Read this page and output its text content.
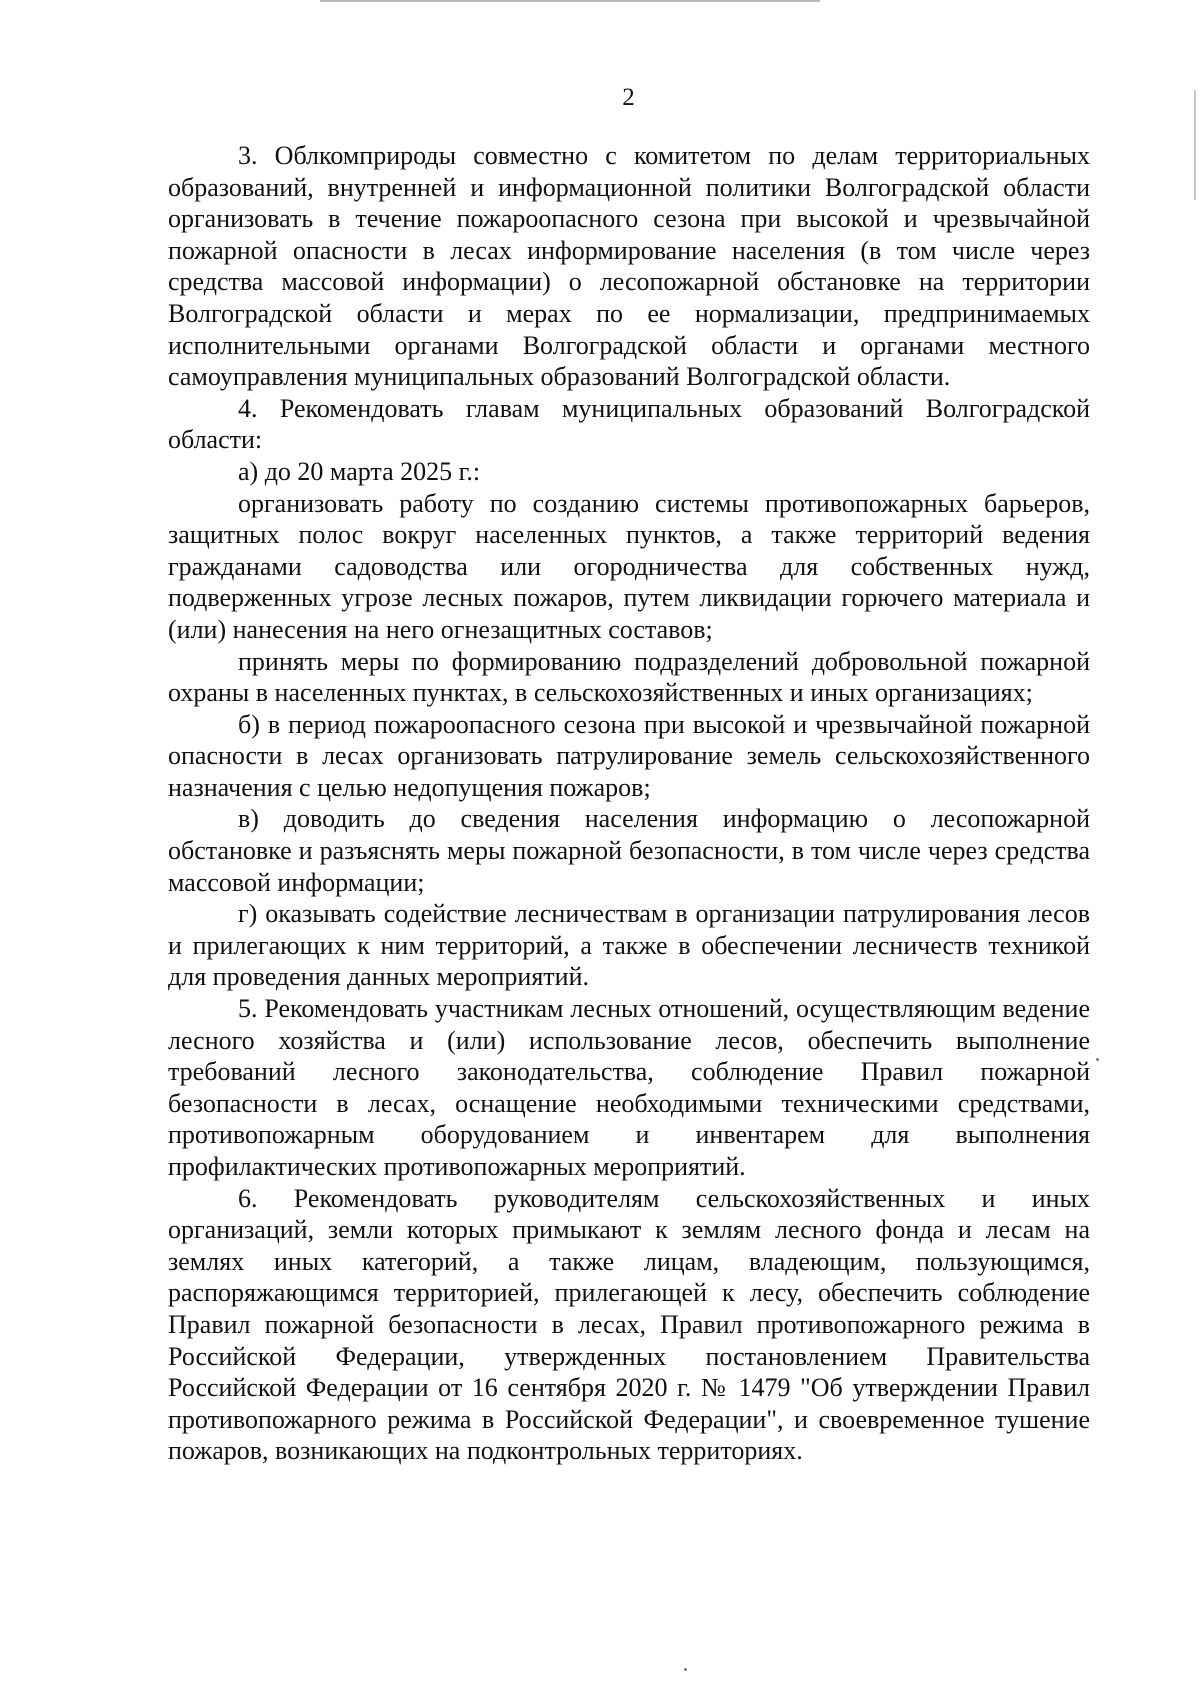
2

3. Облкомприроды совместно с комитетом по делам территориальных образований, внутренней и информационной политики Волгоградской области организовать в течение пожароопасного сезона при высокой и чрезвычайной пожарной опасности в лесах информирование населения (в том числе через средства массовой информации) о лесопожарной обстановке на территории Волгоградской области и мерах по ее нормализации, предпринимаемых исполнительными органами Волгоградской области и органами местного самоуправления муниципальных образований Волгоградской области.

4. Рекомендовать главам муниципальных образований Волгоградской области:

а) до 20 марта 2025 г.:

организовать работу по созданию системы противопожарных барьеров, защитных полос вокруг населенных пунктов, а также территорий ведения гражданами садоводства или огородничества для собственных нужд, подверженных угрозе лесных пожаров, путем ликвидации горючего материала и (или) нанесения на него огнезащитных составов;

принять меры по формированию подразделений добровольной пожарной охраны в населенных пунктах, в сельскохозяйственных и иных организациях;

б) в период пожароопасного сезона при высокой и чрезвычайной пожарной опасности в лесах организовать патрулирование земель сельскохозяйственного назначения с целью недопущения пожаров;

в) доводить до сведения населения информацию о лесопожарной обстановке и разъяснять меры пожарной безопасности, в том числе через средства массовой информации;

г) оказывать содействие лесничествам в организации патрулирования лесов и прилегающих к ним территорий, а также в обеспечении лесничеств техникой для проведения данных мероприятий.

5. Рекомендовать участникам лесных отношений, осуществляющим ведение лесного хозяйства и (или) использование лесов, обеспечить выполнение требований лесного законодательства, соблюдение Правил пожарной безопасности в лесах, оснащение необходимыми техническими средствами, противопожарным оборудованием и инвентарем для выполнения профилактических противопожарных мероприятий.

6. Рекомендовать руководителям сельскохозяйственных и иных организаций, земли которых примыкают к землям лесного фонда и лесам на землях иных категорий, а также лицам, владеющим, пользующимся, распоряжающимся территорией, прилегающей к лесу, обеспечить соблюдение Правил пожарной безопасности в лесах, Правил противопожарного режима в Российской Федерации, утвержденных постановлением Правительства Российской Федерации от 16 сентября 2020 г. № 1479 "Об утверждении Правил противопожарного режима в Российской Федерации", и своевременное тушение пожаров, возникающих на подконтрольных территориях.
